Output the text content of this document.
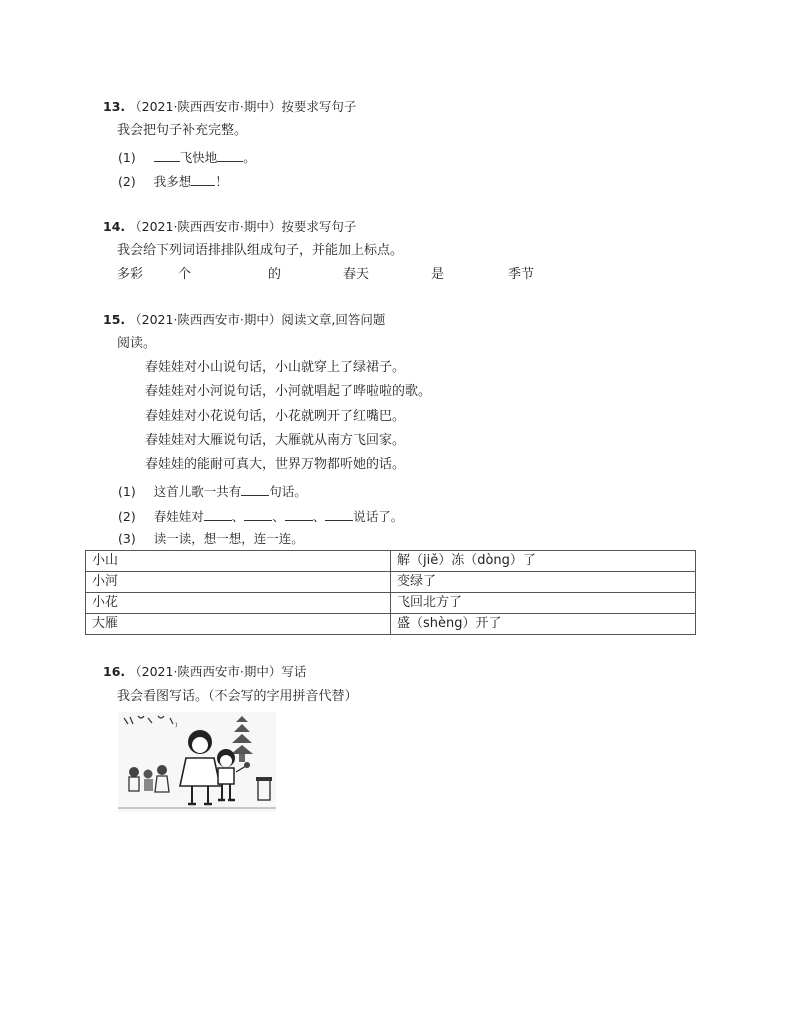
13. （2021·陕西西安市·期中）按要求写句子
我会把句子补充完整。
(1)	飞快地 。
(2) 我多想 ！
14. （2021·陕西西安市·期中）按要求写句子
我会给下列词语排排队组成句子，并能加上标点。
多彩	个	的	春天	是	季节
15. （2021·陕西西安市·期中）阅读文章,回答问题
阅读。
春娃娃对小山说句话，小山就穿上了绿裙子。
春娃娃对小河说句话，小河就唱起了哗啦啦的歌。
春娃娃对小花说句话，小花就咧开了红嘴巴。
春娃娃对大雁说句话，大雁就从南方飞回家。
春娃娃的能耐可真大，世界万物都听她的话。
(1) 这首儿歌一共有 句话。
(2) 春娃娃对 、 、 、 说话了。
(3) 读一读，想一想，连一连。
小山	解（jiě）冻（dòng）了
小河	变绿了
小花	飞回北方了
大雁	盛（shèng）开了
16. （2021·陕西西安市·期中）写话
我会看图写话。（不会写的字用拼音代替）
)
